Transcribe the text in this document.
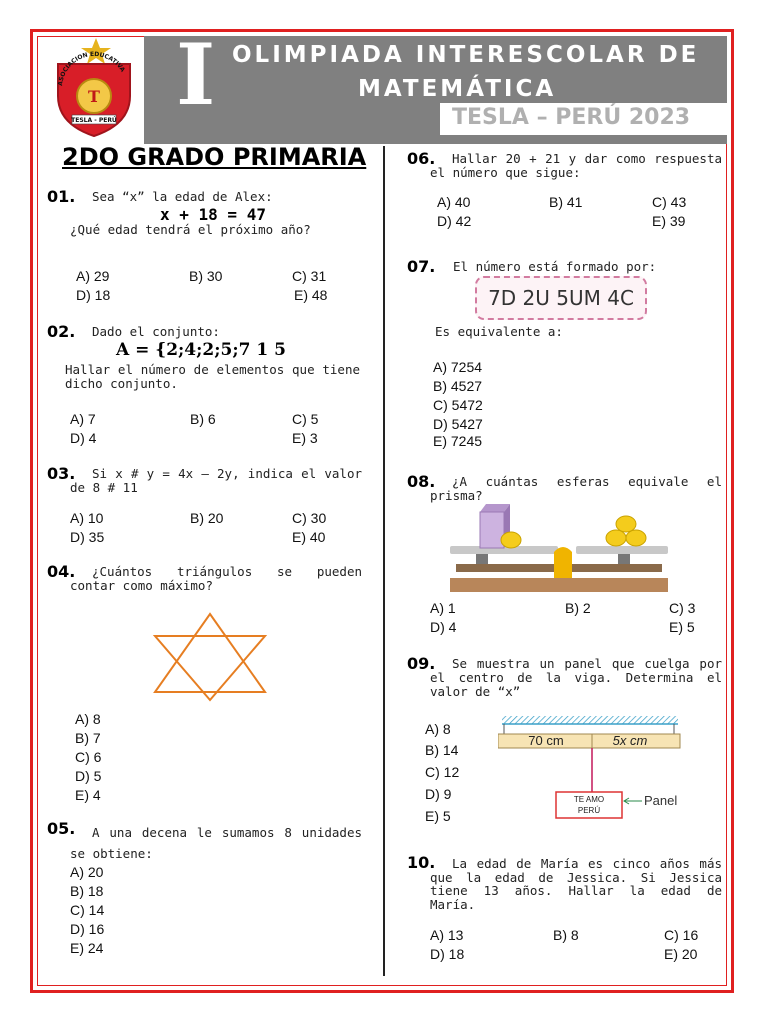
I OLIMPIADA INTERESCOLAR DE
MATEMÁTICA
TESLA – PERÚ 2023
ASOCIACION EDUCATIVA
T
TESLA - PERÚ
2DO GRADO PRIMARIA
01. Sea “x” la edad de Alex:
x + 18 = 47
¿Qué edad tendrá el próximo año?
A) 29	B) 30	C) 31
D) 18	E) 48
02. Dado el conjunto:
A = {2;4;2;5;7 1 5
Hallar el número de elementos que tiene dicho conjunto.
A) 7	B) 6	C) 5
D) 4	E) 3
03.	Si x # y = 4x – 2y, indica el valor de 8 # 11
A) 10	B) 20	C) 30
D) 35	E) 40
04.	¿Cuántos triángulos se pueden contar como máximo?
A) 8
B) 7
C) 6
D) 5
E) 4
05.	A una decena le sumamos 8 unidades se obtiene:
A) 20
B) 18
C) 14
D) 16
E) 24
06.	Hallar 20 + 21 y dar como respuesta el número que sigue:
A) 40	B) 41	C) 43
D) 42	E) 39
07. El número está formado por:
7D 2U 5UM 4C
Es equivalente a:
A) 7254
B) 4527
C) 5472
D) 5427
E) 7245
08.	¿A cuántas esferas equivale el prisma?
A) 1	B) 2	C) 3
D) 4	E) 5
09.	Se muestra un panel que cuelga por el centro de la viga. Determina el valor de “x”
70 cm	5x cm
TE AMO
PERÚ
Panel
A) 8
B) 14
C) 12
D) 9
E) 5
10.	La edad de María es cinco años más que la edad de Jessica. Si Jessica tiene 13 años. Hallar la edad de María.
A) 13	B) 8	C) 16
D) 18	E) 20
